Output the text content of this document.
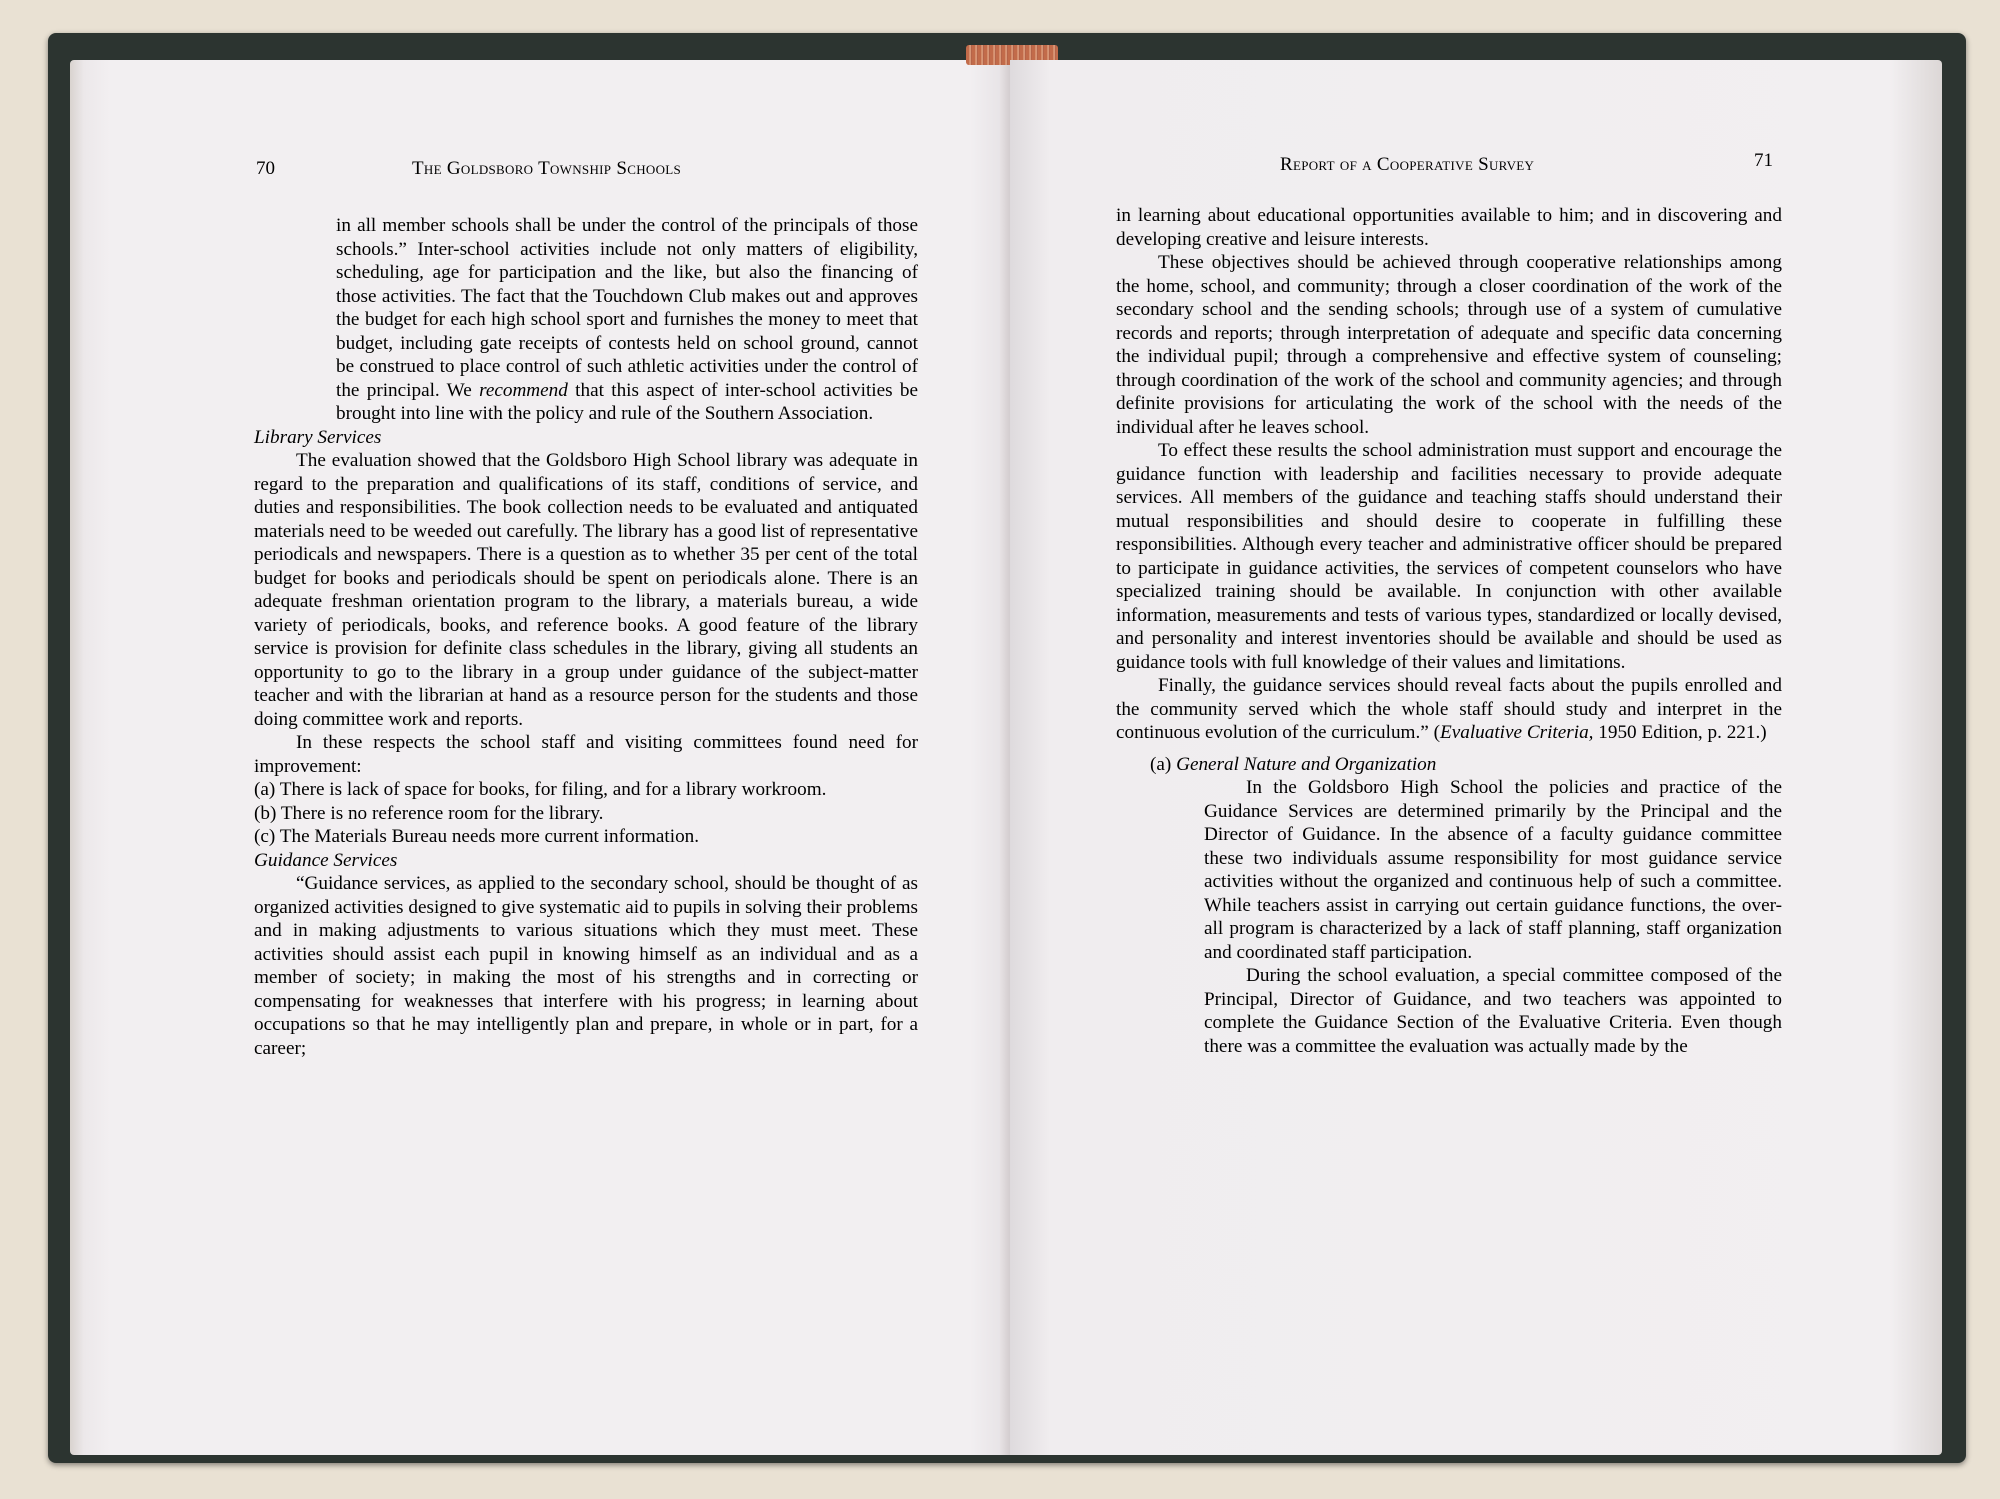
70	The Goldsboro Township Schools

in all member schools shall be under the control of the principals of those schools.” Inter-school activities include not only matters of eligibility, scheduling, age for participation and the like, but also the financing of those activities. The fact that the Touchdown Club makes out and approves the budget for each high school sport and furnishes the money to meet that budget, including gate receipts of contests held on school ground, cannot be construed to place control of such athletic activities under the control of the principal. We recommend that this aspect of inter-school activities be brought into line with the policy and rule of the Southern Association.

Library Services

The evaluation showed that the Goldsboro High School library was adequate in regard to the preparation and qualifications of its staff, conditions of service, and duties and responsibilities. The book collection needs to be evaluated and antiquated materials need to be weeded out carefully. The library has a good list of representative periodicals and newspapers. There is a question as to whether 35 per cent of the total budget for books and periodicals should be spent on periodicals alone. There is an adequate freshman orientation program to the library, a materials bureau, a wide variety of periodicals, books, and reference books. A good feature of the library service is provision for definite class schedules in the library, giving all students an opportunity to go to the library in a group under guidance of the subject-matter teacher and with the librarian at hand as a resource person for the students and those doing committee work and reports.

In these respects the school staff and visiting committees found need for improvement:

(a) There is lack of space for books, for filing, and for a library workroom.

(b) There is no reference room for the library.

(c) The Materials Bureau needs more current information.

Guidance Services

“Guidance services, as applied to the secondary school, should be thought of as organized activities designed to give systematic aid to pupils in solving their problems and in making adjustments to various situations which they must meet. These activities should assist each pupil in knowing himself as an individual and as a member of society; in making the most of his strengths and in correcting or compensating for weaknesses that interfere with his progress; in learning about occupations so that he may intelligently plan and prepare, in whole or in part, for a career;

Report of a Cooperative Survey	71

in learning about educational opportunities available to him; and in discovering and developing creative and leisure interests.

These objectives should be achieved through cooperative relationships among the home, school, and community; through a closer coordination of the work of the secondary school and the sending schools; through use of a system of cumulative records and reports; through interpretation of adequate and specific data concerning the individual pupil; through a comprehensive and effective system of counseling; through coordination of the work of the school and community agencies; and through definite provisions for articulating the work of the school with the needs of the individual after he leaves school.

To effect these results the school administration must support and encourage the guidance function with leadership and facilities necessary to provide adequate services. All members of the guidance and teaching staffs should understand their mutual responsibilities and should desire to cooperate in fulfilling these responsibilities. Although every teacher and administrative officer should be prepared to participate in guidance activities, the services of competent counselors who have specialized training should be available. In conjunction with other available information, measurements and tests of various types, standardized or locally devised, and personality and interest inventories should be available and should be used as guidance tools with full knowledge of their values and limitations.

Finally, the guidance services should reveal facts about the pupils enrolled and the community served which the whole staff should study and interpret in the continuous evolution of the curriculum.” (Evaluative Criteria, 1950 Edition, p. 221.)

(a) General Nature and Organization

In the Goldsboro High School the policies and practice of the Guidance Services are determined primarily by the Principal and the Director of Guidance. In the absence of a faculty guidance committee these two individuals assume responsibility for most guidance service activities without the organized and continuous help of such a committee. While teachers assist in carrying out certain guidance functions, the over-all program is characterized by a lack of staff planning, staff organization and coordinated staff participation.

During the school evaluation, a special committee composed of the Principal, Director of Guidance, and two teachers was appointed to complete the Guidance Section of the Evaluative Criteria. Even though there was a committee the evaluation was actually made by the
